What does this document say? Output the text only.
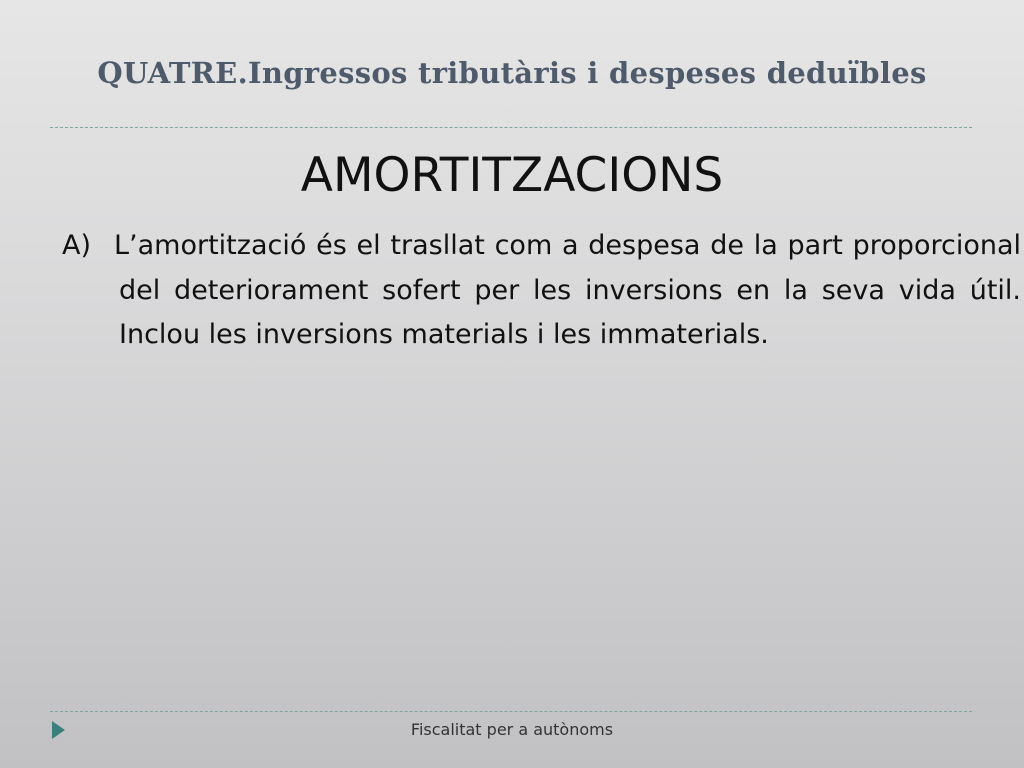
QUATRE.Ingressos tributàris i despeses deduïbles
AMORTITZACIONS
A) L’amortització és el trasllat com a despesa de la part proporcional del deteriorament sofert per les inversions en la seva vida útil. Inclou les inversions materials i les immaterials.
Fiscalitat per a autònoms
